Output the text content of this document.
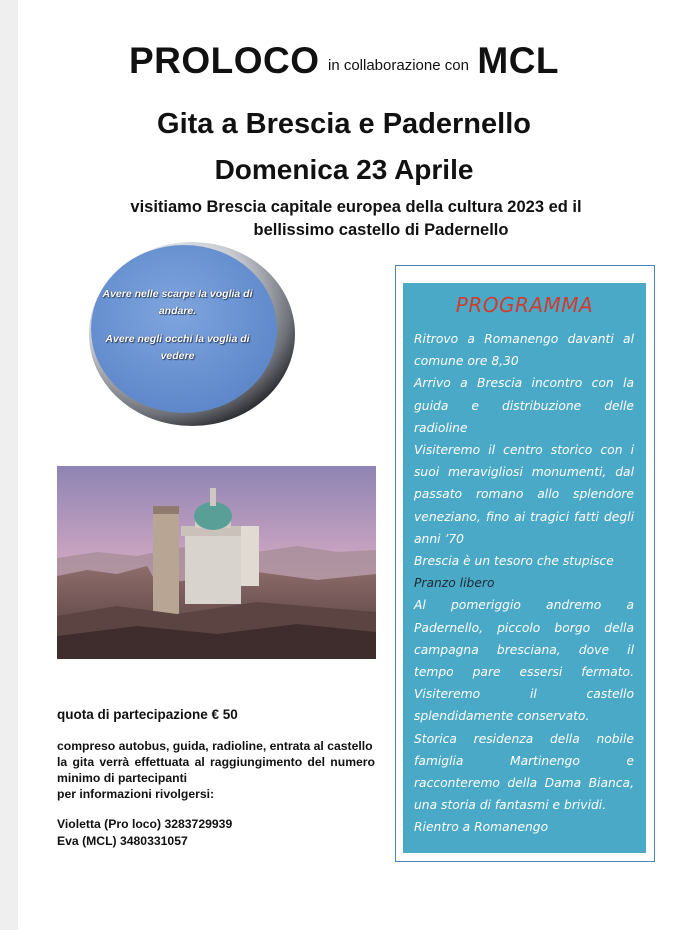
PROLOCO in collaborazione con MCL
Gita a Brescia e Padernello
Domenica 23 Aprile
visitiamo Brescia capitale europea della cultura 2023 ed il
bellissimo castello di Padernello

Avere nelle scarpe la voglia di andare.

Avere negli occhi la voglia di vedere

quota di partecipazione € 50

compreso autobus, guida, radioline, entrata al castello
la gita verrà effettuata al raggiungimento del numero minimo di partecipanti
per informazioni rivolgersi:
Violetta (Pro loco) 3283729939
Eva (MCL) 3480331057
PROGRAMMA
Ritrovo a Romanengo davanti al comune ore 8,30
Arrivo a Brescia incontro con la guida e distribuzione delle radioline
Visiteremo il centro storico con i suoi meravigliosi monumenti, dal passato romano allo splendore veneziano, fino ai tragici fatti degli anni ’70
Brescia è un tesoro che stupisce
Pranzo libero
Al pomeriggio andremo a Padernello, piccolo borgo della campagna bresciana, dove il tempo pare essersi fermato. Visiteremo il castello splendidamente conservato.
Storica residenza della nobile famiglia Martinengo e racconteremo della Dama Bianca, una storia di fantasmi e brividi.
Rientro a Romanengo
